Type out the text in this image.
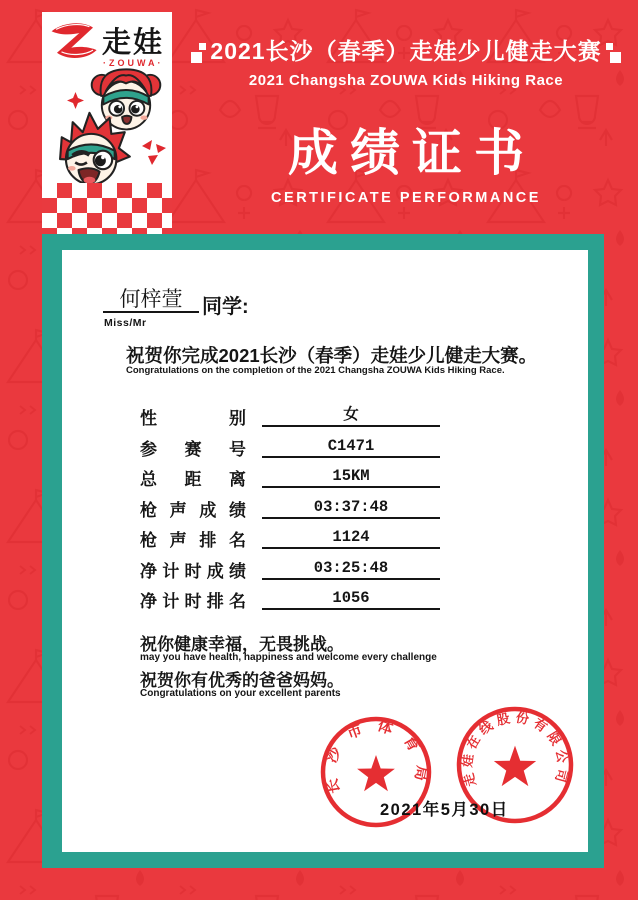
走娃
·ZOUWA·	2021长沙（春季）走娃少儿健走大赛
2021 Changsha ZOUWA Kids Hiking Race
成绩证书
CERTIFICATE PERFORMANCE
何梓萱 同学:
Miss/Mr
祝贺你完成2021长沙（春季）走娃少儿健走大赛。
Congratulations on the completion of the 2021 Changsha ZOUWA Kids Hiking Race.
性别	女
参赛号	C1471
总距离	15KM
枪声成绩	03:37:48
枪声排名	1124
净计时成绩	03:25:48
净计时排名	1056
祝你健康幸福，无畏挑战。
may you have health, happiness and welcome every challenge
祝贺你有优秀的爸爸妈妈。
Congratulations on your excellent parents
长沙市体育局 走娃在线股份有限公司
2021年5月30日
